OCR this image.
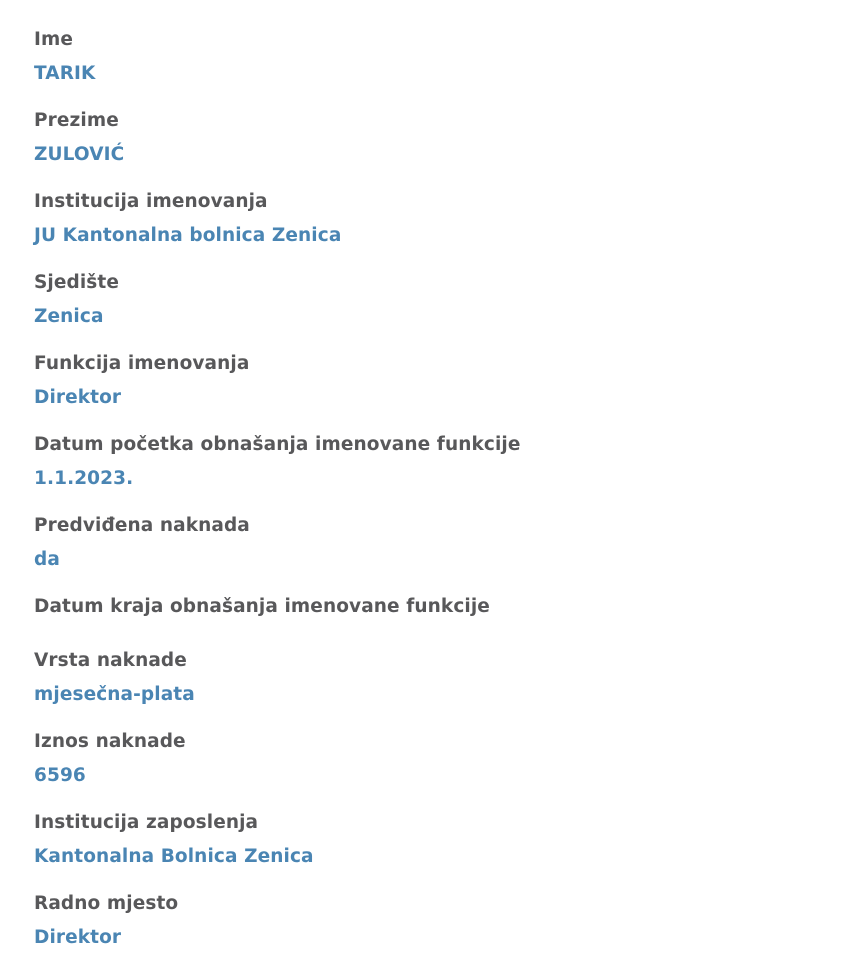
Ime
TARIK
Prezime
ZULOVIĆ
Institucija imenovanja
JU Kantonalna bolnica Zenica
Sjedište
Zenica
Funkcija imenovanja
Direktor
Datum početka obnašanja imenovane funkcije
1.1.2023.
Predviđena naknada
da
Datum kraja obnašanja imenovane funkcije
Vrsta naknade
mjesečna-plata
Iznos naknade
6596
Institucija zaposlenja
Kantonalna Bolnica Zenica
Radno mjesto
Direktor
